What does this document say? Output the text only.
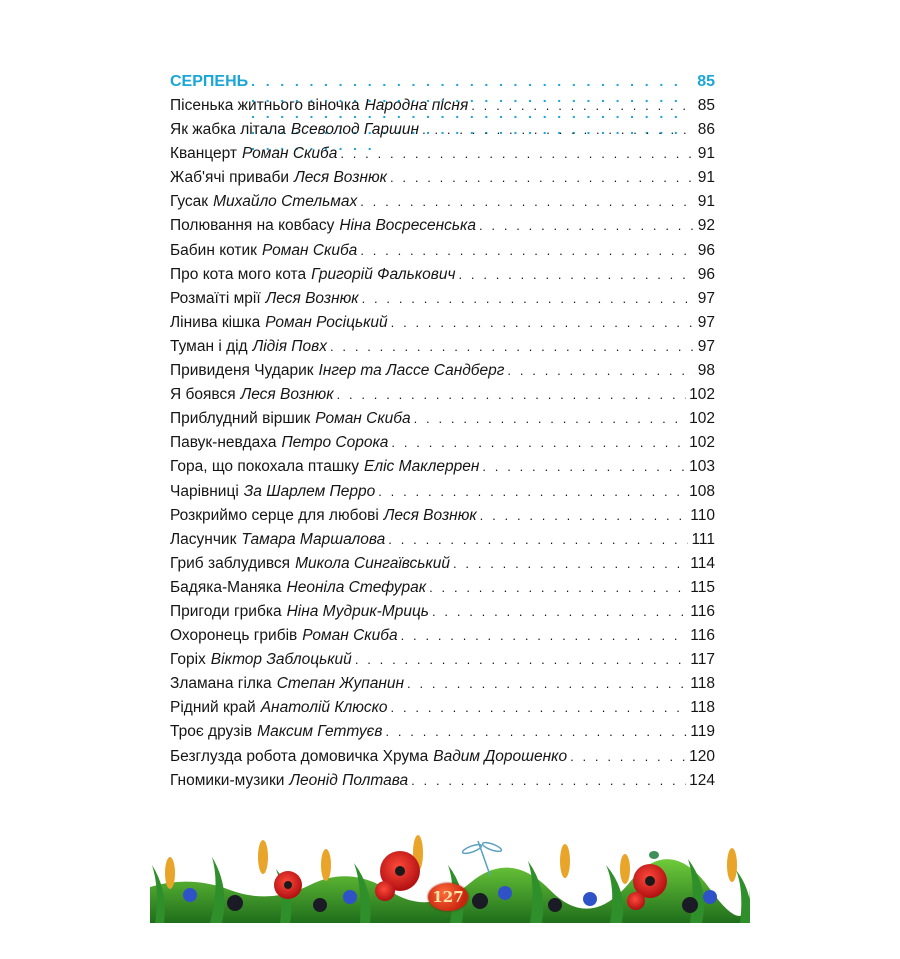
СЕРПЕНЬ . . .	85
Пісенька житнього віночка Народна пісня . . .	85
Як жабка літала Всеволод Гаршин . . .	86
Кванцерт Роман Скиба . . .	91
Жаб'ячі приваби Леся Вознюк . . .	91
Гусак Михайло Стельмах . . .	91
Полювання на ковбасу Ніна Восресенська . . .	92
Бабин котик Роман Скиба . . .	96
Про кота мого кота Григорій Фалькович . . .	96
Розмаїті мрії Леся Вознюк . . .	97
Лінива кішка Роман Росіцький . . .	97
Туман і дід Лідія Повх . . .	97
Привиденя Чударик Інгер та Лассе Сандберг . . .	98
Я боявся Леся Вознюк . . .	102
Приблудний віршик Роман Скиба . . .	102
Павук-невдаха Петро Сорока . . .	102
Гора, що покохала пташку Еліс Маклеррен . . .	103
Чарівниці За Шарлем Перро . . .	108
Розкриймо серце для любові Леся Вознюк . . .	110
Ласунчик Тамара Маршалова . . .	111
Гриб заблудився Микола Сингаївський . . .	114
Бадяка-Маняка Неоніла Стефурак . . .	115
Пригоди грибка Ніна Мудрик-Мриць . . .	116
Охоронець грибів Роман Скиба . . .	116
Горіх Віктор Заблоцький . . .	117
Зламана гілка Степан Жупанин . . .	118
Рідний край Анатолій Клюско . . .	118
Троє друзів Максим Геттуєв . . .	119
Безглузда робота домовичка Хрума Вадим Дорошенко . . .	120
Гномики-музики Леонід Полтава . . .	124
127
